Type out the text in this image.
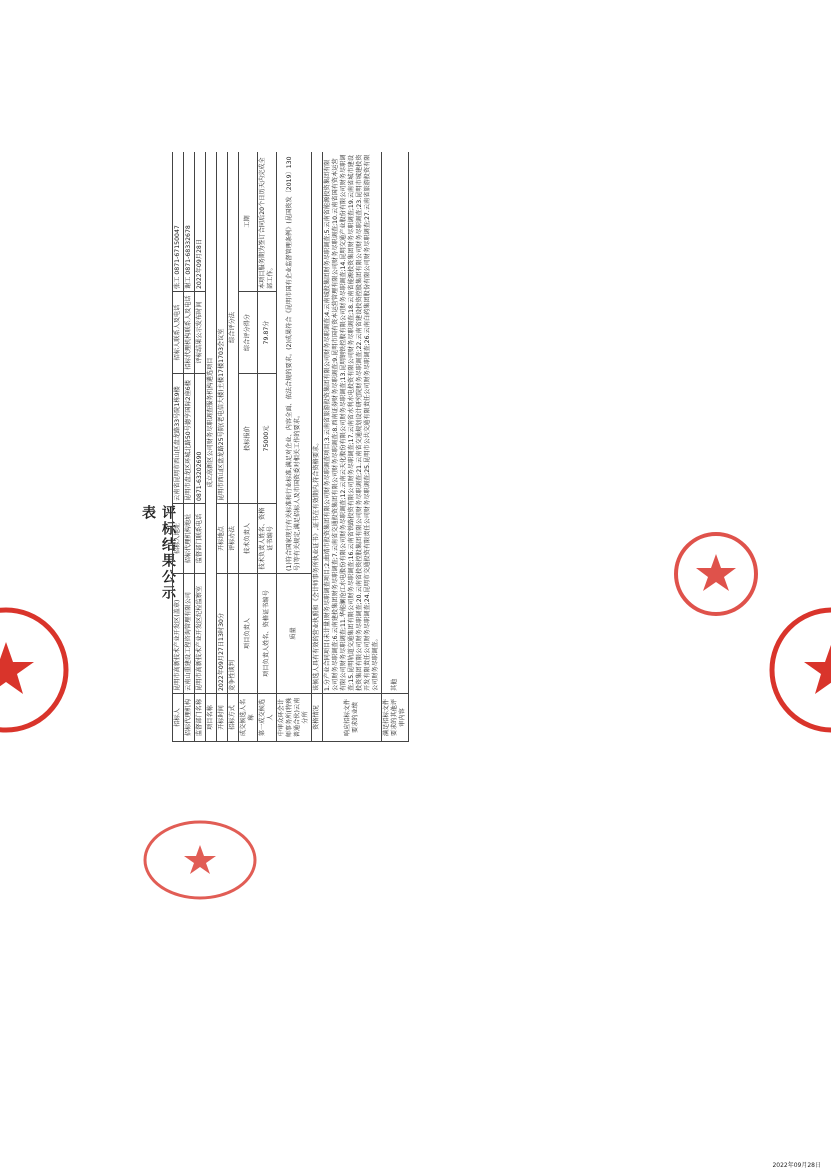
评标结果公示表
招标人	昆明市高新技术产业开发区(盖章)	招标人地址	云南省昆明市西山区盘龙路33号院1栋9楼	招标人联系人及电话	张工 0871-67150047
招标代理机构	云南山重建设工程咨询管理有限公司	招标代理机构地址	昆明市盘龙区环城北路50号德亨国际2座6楼	招标代理机构联系人及电话	谢工 0871-68332678
监督部门名称	昆明市高新技术产业开发区纪检监察室	监督部门联系电话	0871-63202690	评标结果公示发布时间	2022年09月28日
项目名称	成立高新区公司财务尽职调查服务机构遴选项目				
开标时间	2022年09月27日13时30分	开标地点	昆明市西山区盘龙路25号院(老电信大楼)主楼17楼1703会议室		
招标方式	竞争性谈判	评标办法	综合评分法		
成交候选人名称	项目负责人	技术负责人	投标报价	综合评分得分	工期
第一成交候选人	项目负责人姓名、资格证书编号	技术负责人姓名、资格证书编号	75000元	79.87分	本项目服务期为签订合同后20个日历天内完成全部工作。
中审众环会计师事务所(特殊普通合伙)云南分所	质量	(1)符合国家现行有关标准和行业标准,满足对企业、内容全面、依法合规的要求。(2)成果符合《昆明市国有企业监督管理条例》(昆国资发〔2019〕130号)等有关规定,满足招标人及市国资委对相关工作的要求。			
资格情况	该候选人具有有效的营业执照和《会计师事务所执业证书》,证书在有效期内,符合资格要求。				
响应招标文件要求的业绩	1.分产业合同项目(未计量)财务尽职调查项目;2.曲靖市投资集团有限公司财务尽职调查项目;3.云南省旅游投资集团有限公司财务尽职调查;4.云南城投集团财务尽职调查;5.云南省能源投资集团有限公司财务尽职调查;6.云南建投集团财务尽职调查;7.云南省交通投资集团有限公司财务尽职调查;8.西南证券财务尽职调查;9.昆明市国有资本运营管理有限公司财务尽职调查;10.云南省国有资本运营有限公司财务尽职调查;11.华能澜沧江水电股份有限公司财务尽职调查;12.云南云天化股份有限公司财务尽职调查;13.昆明钢铁控股有限公司财务尽职调查;14.昆明交通产业股份有限公司财务尽职调查;15.昆明轨道交通集团有限公司财务尽职调查;16.云南省铁路投资有限公司财务尽职调查;17.云南省水利水电投资有限公司财务尽职调查;18.云南省能源投资集团财务尽职调查;19.云南省城市建设投资集团有限公司财务尽职调查;20.云南省投资控股集团有限公司财务尽职调查;21.云南省交通规划设计研究院财务尽职调查;22.云南省建设投资控股集团有限公司财务尽职调查;23.昆明市城建投资开发有限责任公司财务尽职调查;24.昆明市交通投资有限责任公司财务尽职调查;25.昆明市公共交通有限责任公司财务尽职调查;26.云南白药集团股份有限公司财务尽职调查;27.云南省旅游投资有限公司财务尽职调查。				
满足招标文件要求的其他评审内容	其他				
2022年09月28日
